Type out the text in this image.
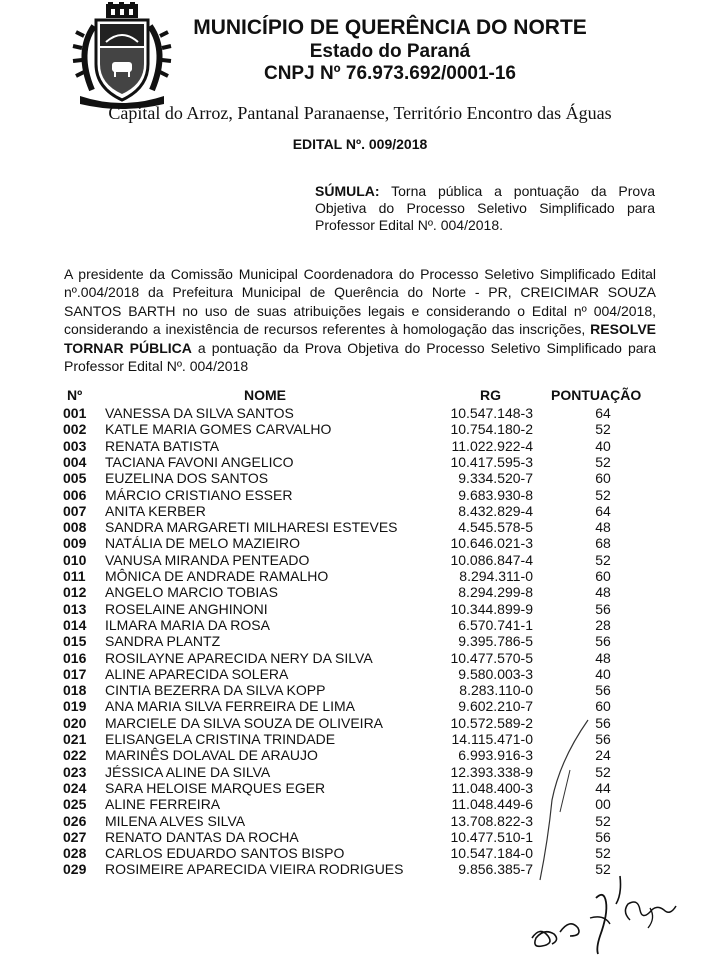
MUNICÍPIO DE QUERÊNCIA DO NORTE
Estado do Paraná
CNPJ Nº 76.973.692/0001-16
Capital do Arroz, Pantanal Paranaense, Território Encontro das Águas
EDITAL Nº. 009/2018
SÚMULA: Torna pública a pontuação da Prova Objetiva do Processo Seletivo Simplificado para Professor Edital Nº. 004/2018.
A presidente da Comissão Municipal Coordenadora do Processo Seletivo Simplificado Edital nº.004/2018 da Prefeitura Municipal de Querência do Norte - PR, CREICIMAR SOUZA SANTOS BARTH no uso de suas atribuições legais e considerando o Edital nº 004/2018, considerando a inexistência de recursos referentes à homologação das inscrições, RESOLVE TORNAR PÚBLICA a pontuação da Prova Objetiva do Processo Seletivo Simplificado para Professor Edital Nº. 004/2018
Nº	NOME	RG	PONTUAÇÃO
001 VANESSA DA SILVA SANTOS	10.547.148-3	64
002 KATLE MARIA GOMES CARVALHO	10.754.180-2	52
003 RENATA BATISTA	11.022.922-4	40
004 TACIANA FAVONI ANGELICO	10.417.595-3	52
005 EUZELINA DOS SANTOS	9.334.520-7	60
006 MÁRCIO CRISTIANO ESSER	9.683.930-8	52
007 ANITA KERBER	8.432.829-4	64
008 SANDRA MARGARETI MILHARESI ESTEVES	4.545.578-5	48
009 NATÁLIA DE MELO MAZIEIRO	10.646.021-3	68
010 VANUSA MIRANDA PENTEADO	10.086.847-4	52
011 MÔNICA DE ANDRADE RAMALHO	8.294.311-0	60
012 ANGELO MARCIO TOBIAS	8.294.299-8	48
013 ROSELAINE ANGHINONI	10.344.899-9	56
014 ILMARA MARIA DA ROSA	6.570.741-1	28
015 SANDRA PLANTZ	9.395.786-5	56
016 ROSILAYNE APARECIDA NERY DA SILVA	10.477.570-5	48
017 ALINE APARECIDA SOLERA	9.580.003-3	40
018 CINTIA BEZERRA DA SILVA KOPP	8.283.110-0	56
019 ANA MARIA SILVA FERREIRA DE LIMA	9.602.210-7	60
020 MARCIELE DA SILVA SOUZA DE OLIVEIRA	10.572.589-2	56
021 ELISANGELA CRISTINA TRINDADE	14.115.471-0	56
022 MARINÊS DOLAVAL DE ARAUJO	6.993.916-3	24
023 JÉSSICA ALINE DA SILVA	12.393.338-9	52
024 SARA HELOISE MARQUES EGER	11.048.400-3	44
025 ALINE FERREIRA	11.048.449-6	00
026 MILENA ALVES SILVA	13.708.822-3	52
027 RENATO DANTAS DA ROCHA	10.477.510-1	56
028 CARLOS EDUARDO SANTOS BISPO	10.547.184-0	52
029 ROSIMEIRE APARECIDA VIEIRA RODRIGUES	9.856.385-7	52
